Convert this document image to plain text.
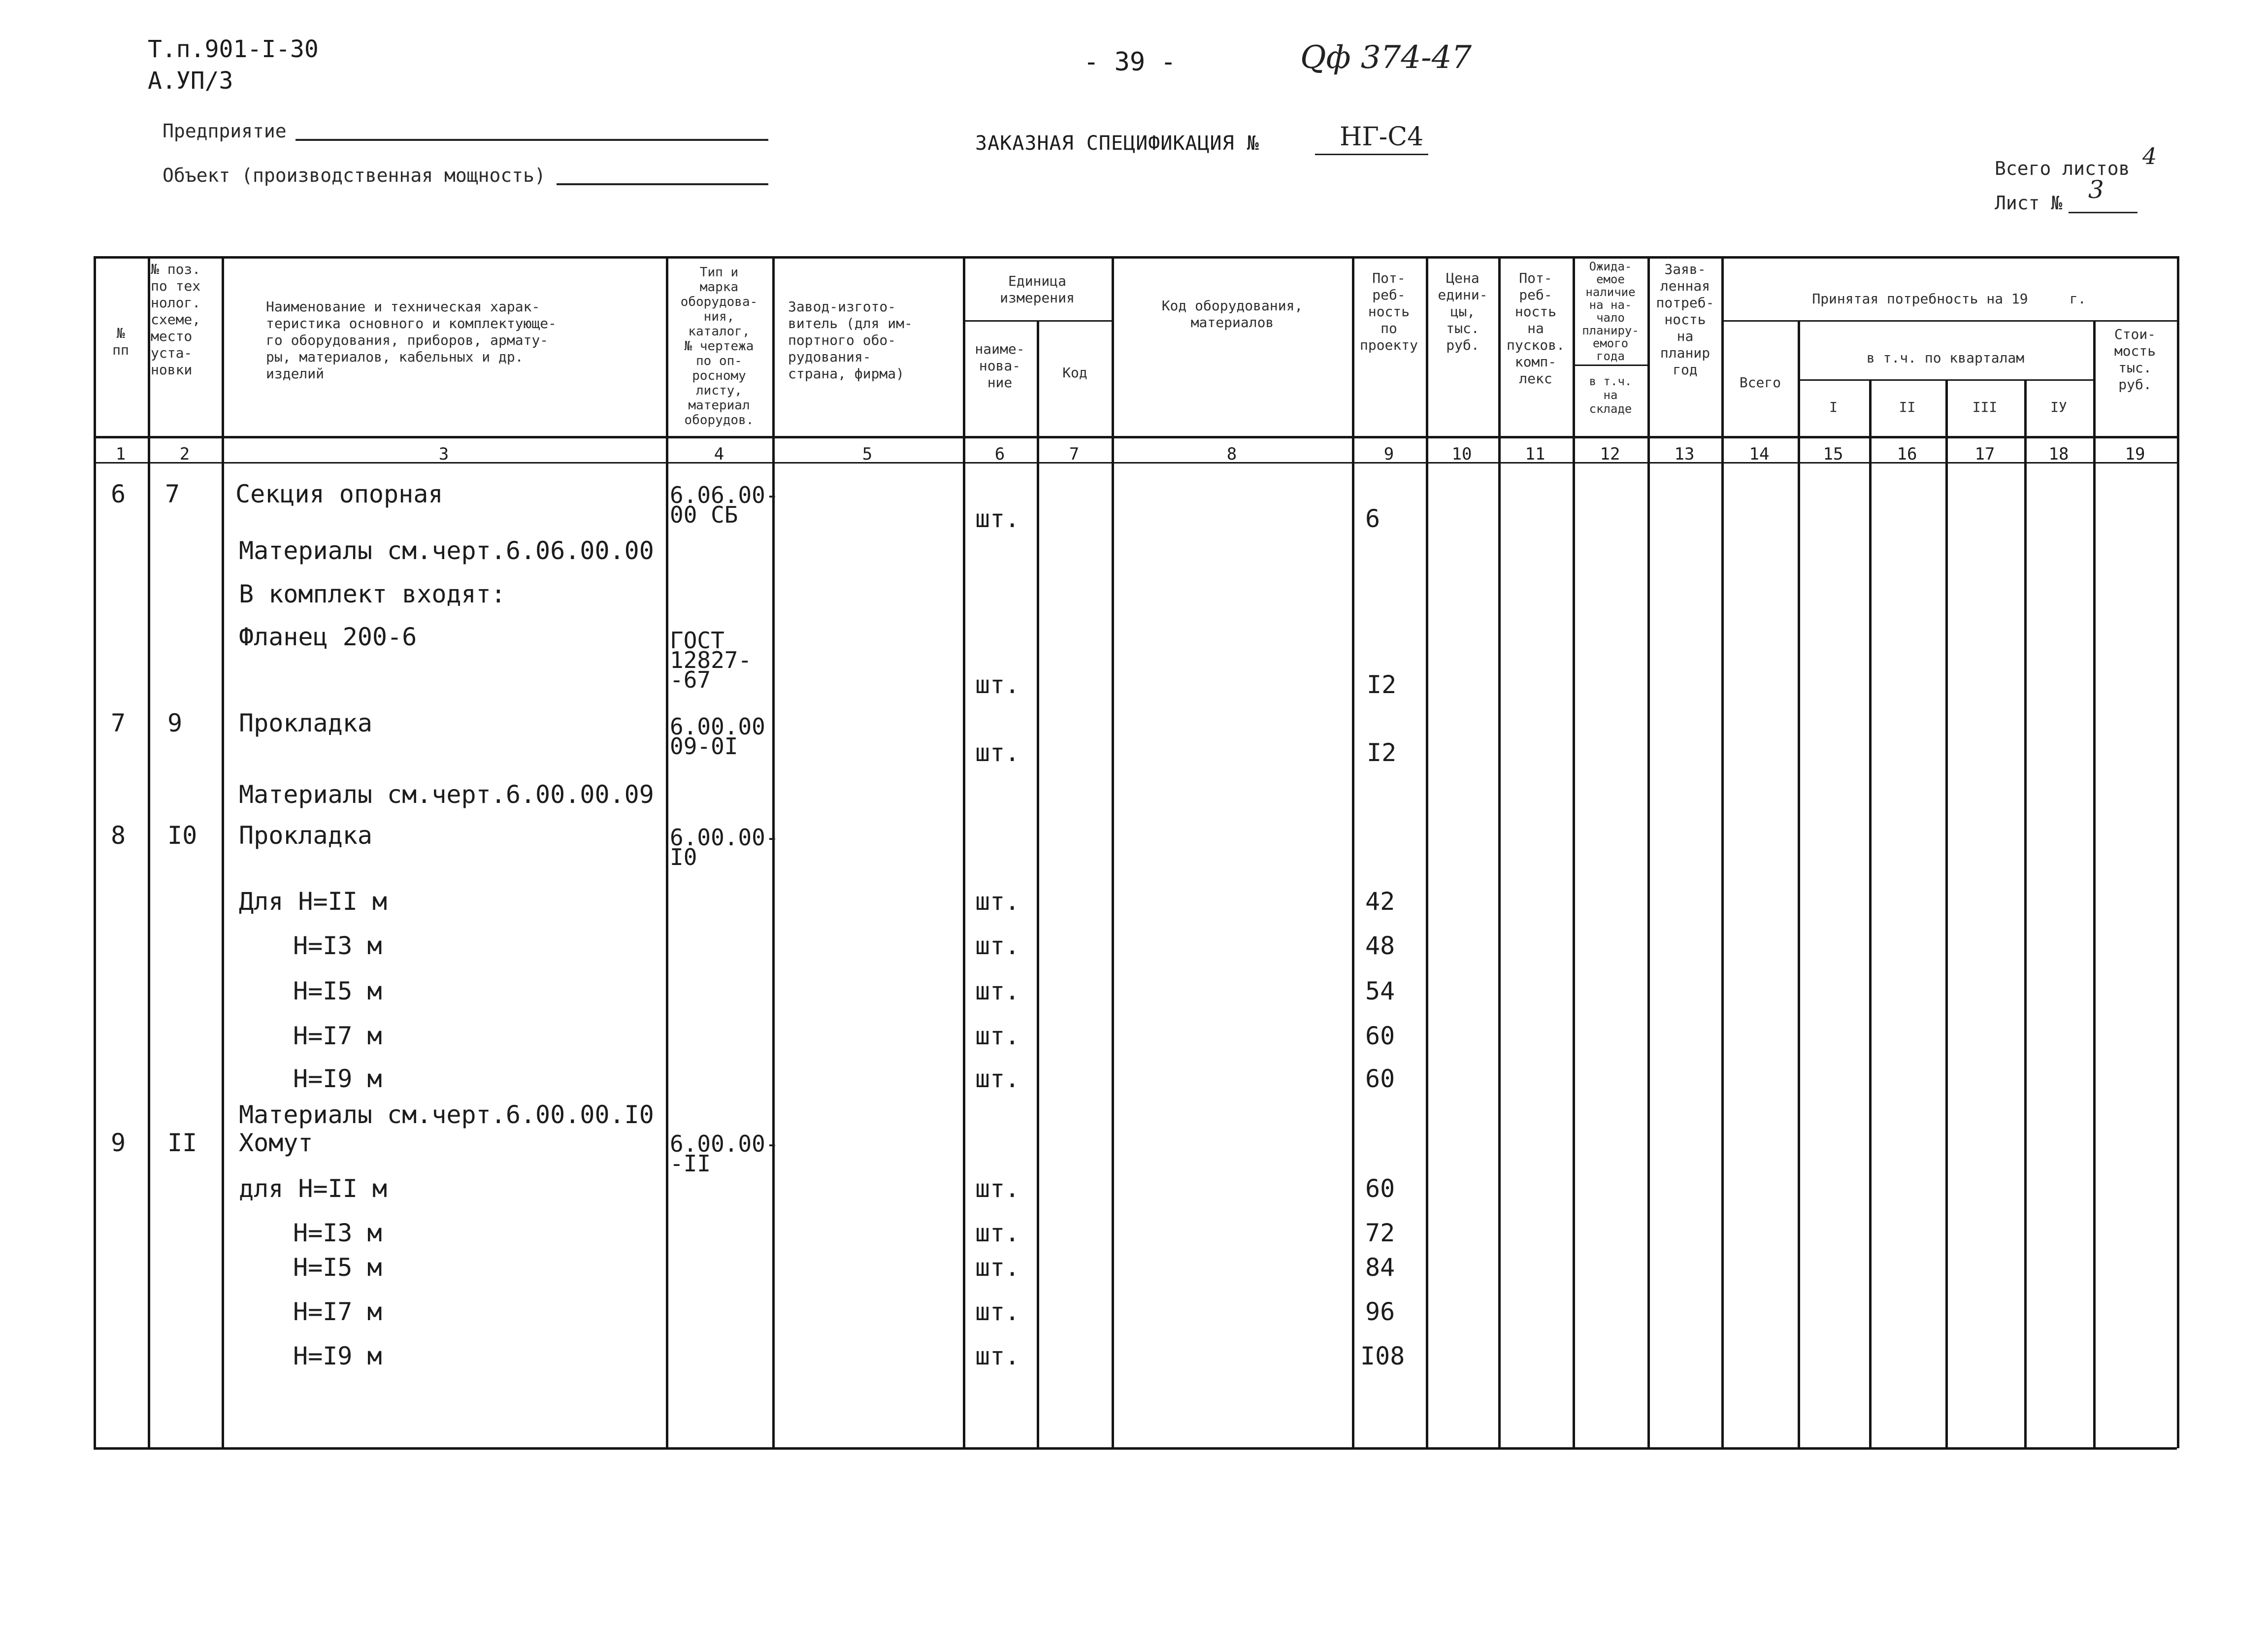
Т.п.901-I-30
А.УП/3
- 39 -	Qф 374-47
Предприятие
Объект (производственная мощность)
ЗАКАЗНАЯ СПЕЦИФИКАЦИЯ №	НГ-С4
Всего листов 4
Лист № 3
№
пп
№ поз.
по тех
нолог.
схеме,
место
уста-
новки
Наименование и техническая харак-
теристика основного и комплектующе-
го оборудования, приборов, армату-
ры, материалов, кабельных и др.
изделий
Тип и
марка
оборудова-
ния,
каталог,
№ чертежа
по оп-
росному
листу,
материал
оборудов.
Завод-изгото-
витель (для им-
портного обо-
рудования-
страна, фирма)
Единица
измерения
наиме-
нова-
ние
Код
Код оборудования,
материалов
Пот-
реб-
ность
по
проекту
Цена
едини-
цы,
тыс.
руб.
Пот-
реб-
ность
на
пусков.
комп-
лекс
Ожида-
емое
наличие
на на-
чало
планиру-
емого
года
в т.ч.
на
складе
Заяв-
ленная
потреб-
ность
на
планир
год
Принятая потребность на 19     г.
Всего
в т.ч. по кварталам
I	II	III	IУ
Стои-
мость
тыс.
руб.
1	2	3	4	5	6	7	8	9	10	11	12	13	14	15	16	17	18	19
6 7 Секция опорная	6.06.00-
00 СБ	шт.	6
Материалы см.черт.6.06.00.00
В комплект входят:
Фланец 200-6	ГОСТ
12827-
-67	шт.	I2
7 9 Прокладка	6.00.00
09-0I	шт.	I2
Материалы см.черт.6.00.00.09
8 I0 Прокладка	6.00.00-
I0
Для Н=II м	шт.	42
Н=I3 м	шт.	48
Н=I5 м	шт.	54
Н=I7 м	шт.	60
Н=I9 м	шт.	60
Материалы см.черт.6.00.00.I0
9 II Хомут	6.00.00-
-II
для Н=II м	шт.	60
Н=I3 м	шт.	72
Н=I5 м	шт.	84
Н=I7 м	шт.	96
Н=I9 м	шт.	I08
